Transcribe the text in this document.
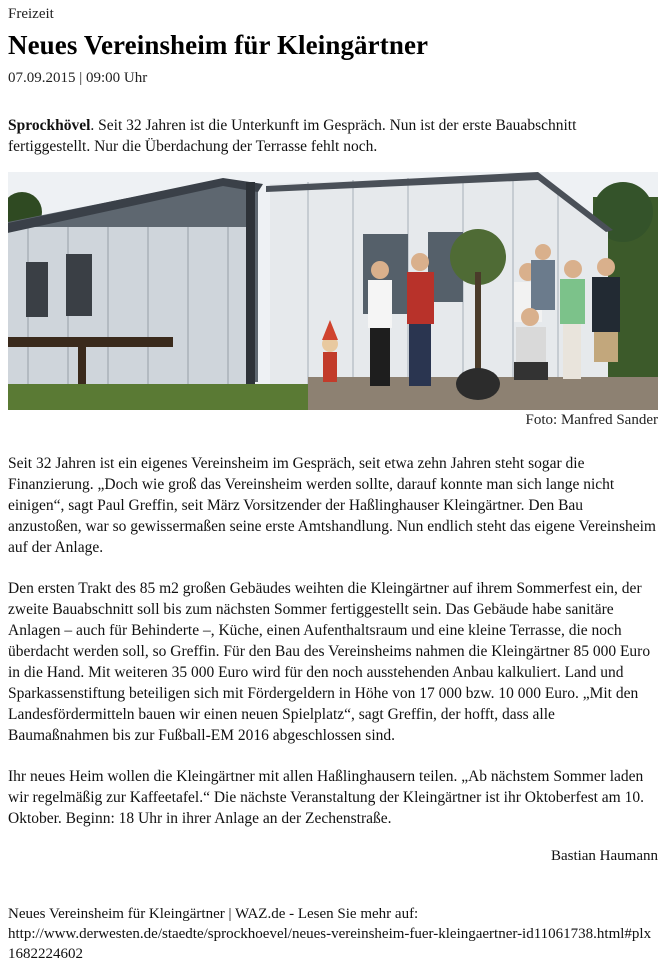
Freizeit
Neues Vereinsheim für Kleingärtner
07.09.2015 | 09:00 Uhr

Sprockhövel. Seit 32 Jahren ist die Unterkunft im Gespräch. Nun ist der erste Bauabschnitt fertiggestellt. Nur die Überdachung der Terrasse fehlt noch.

Foto: Manfred Sander

Seit 32 Jahren ist ein eigenes Vereinsheim im Gespräch, seit etwa zehn Jahren steht sogar die Finanzierung. „Doch wie groß das Vereinsheim werden sollte, darauf konnte man sich lange nicht einigen“, sagt Paul Greffin, seit März Vorsitzender der Haßlinghauser Kleingärtner. Den Bau anzustoßen, war so gewissermaßen seine erste Amtshandlung. Nun endlich steht das eigene Vereinsheim auf der Anlage.

Den ersten Trakt des 85 m2 großen Gebäudes weihten die Kleingärtner auf ihrem Sommerfest ein, der zweite Bauabschnitt soll bis zum nächsten Sommer fertiggestellt sein. Das Gebäude habe sanitäre Anlagen – auch für Behinderte –, Küche, einen Aufenthaltsraum und eine kleine Terrasse, die noch überdacht werden soll, so Greffin. Für den Bau des Vereinsheims nahmen die Kleingärtner 85 000 Euro in die Hand. Mit weiteren 35 000 Euro wird für den noch ausstehenden Anbau kalkuliert. Land und Sparkassenstiftung beteiligen sich mit Fördergeldern in Höhe von 17 000 bzw. 10 000 Euro. „Mit den Landesfördermitteln bauen wir einen neuen Spielplatz“, sagt Greffin, der hofft, dass alle Baumaßnahmen bis zur Fußball-EM 2016 abgeschlossen sind.

Ihr neues Heim wollen die Kleingärtner mit allen Haßlinghausern teilen. „Ab nächstem Sommer laden wir regelmäßig zur Kaffeetafel.“ Die nächste Veranstaltung der Kleingärtner ist ihr Oktoberfest am 10. Oktober. Beginn: 18 Uhr in ihrer Anlage an der Zechenstraße.

Bastian Haumann
Neues Vereinsheim für Kleingärtner | WAZ.de - Lesen Sie mehr auf:
http://www.derwesten.de/staedte/sprockhoevel/neues-vereinsheim-fuer-kleingaertner-id11061738.html#plx1682224602
